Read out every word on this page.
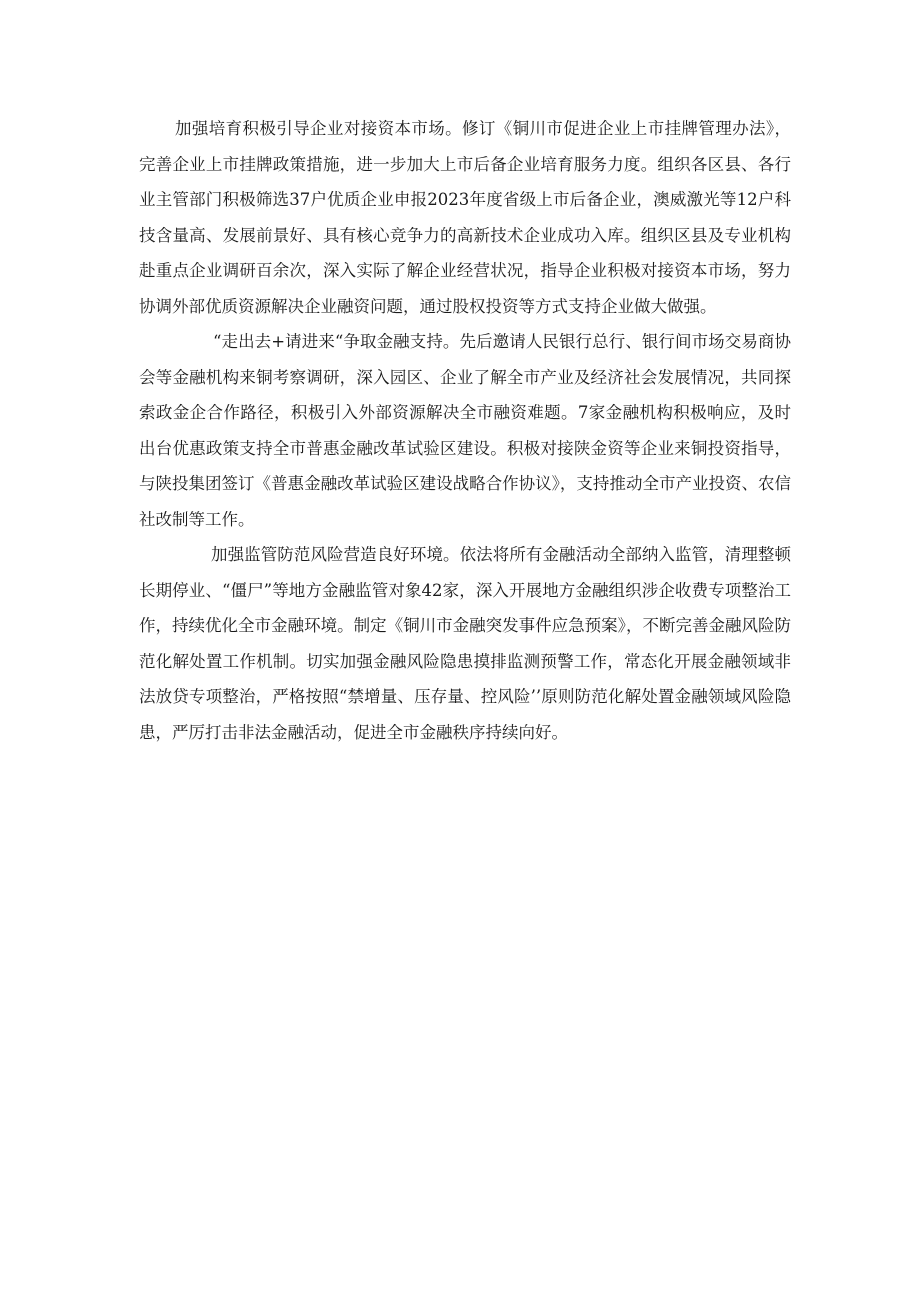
加强培育积极引导企业对接资本市场。修订《铜川市促进企业上市挂牌管理办法》，完善企业上市挂牌政策措施，进一步加大上市后备企业培育服务力度。组织各区县、各行业主管部门积极筛选37户优质企业申报2023年度省级上市后备企业，澳威激光等12户科技含量高、发展前景好、具有核心竞争力的高新技术企业成功入库。组织区县及专业机构赴重点企业调研百余次，深入实际了解企业经营状况，指导企业积极对接资本市场，努力协调外部优质资源解决企业融资问题，通过股权投资等方式支持企业做大做强。

“走出去+请进来“争取金融支持。先后邀请人民银行总行、银行间市场交易商协会等金融机构来铜考察调研，深入园区、企业了解全市产业及经济社会发展情况，共同探索政金企合作路径，积极引入外部资源解决全市融资难题。7家金融机构积极响应，及时出台优惠政策支持全市普惠金融改革试验区建设。积极对接陕金资等企业来铜投资指导，与陕投集团签订《普惠金融改革试验区建设战略合作协议》，支持推动全市产业投资、农信社改制等工作。

加强监管防范风险营造良好环境。依法将所有金融活动全部纳入监管，清理整顿长期停业、“僵尸”等地方金融监管对象42家，深入开展地方金融组织涉企收费专项整治工作，持续优化全市金融环境。制定《铜川市金融突发事件应急预案》，不断完善金融风险防范化解处置工作机制。切实加强金融风险隐患摸排监测预警工作，常态化开展金融领域非法放贷专项整治，严格按照“禁增量、压存量、控风险’’原则防范化解处置金融领域风险隐患，严厉打击非法金融活动，促进全市金融秩序持续向好。
